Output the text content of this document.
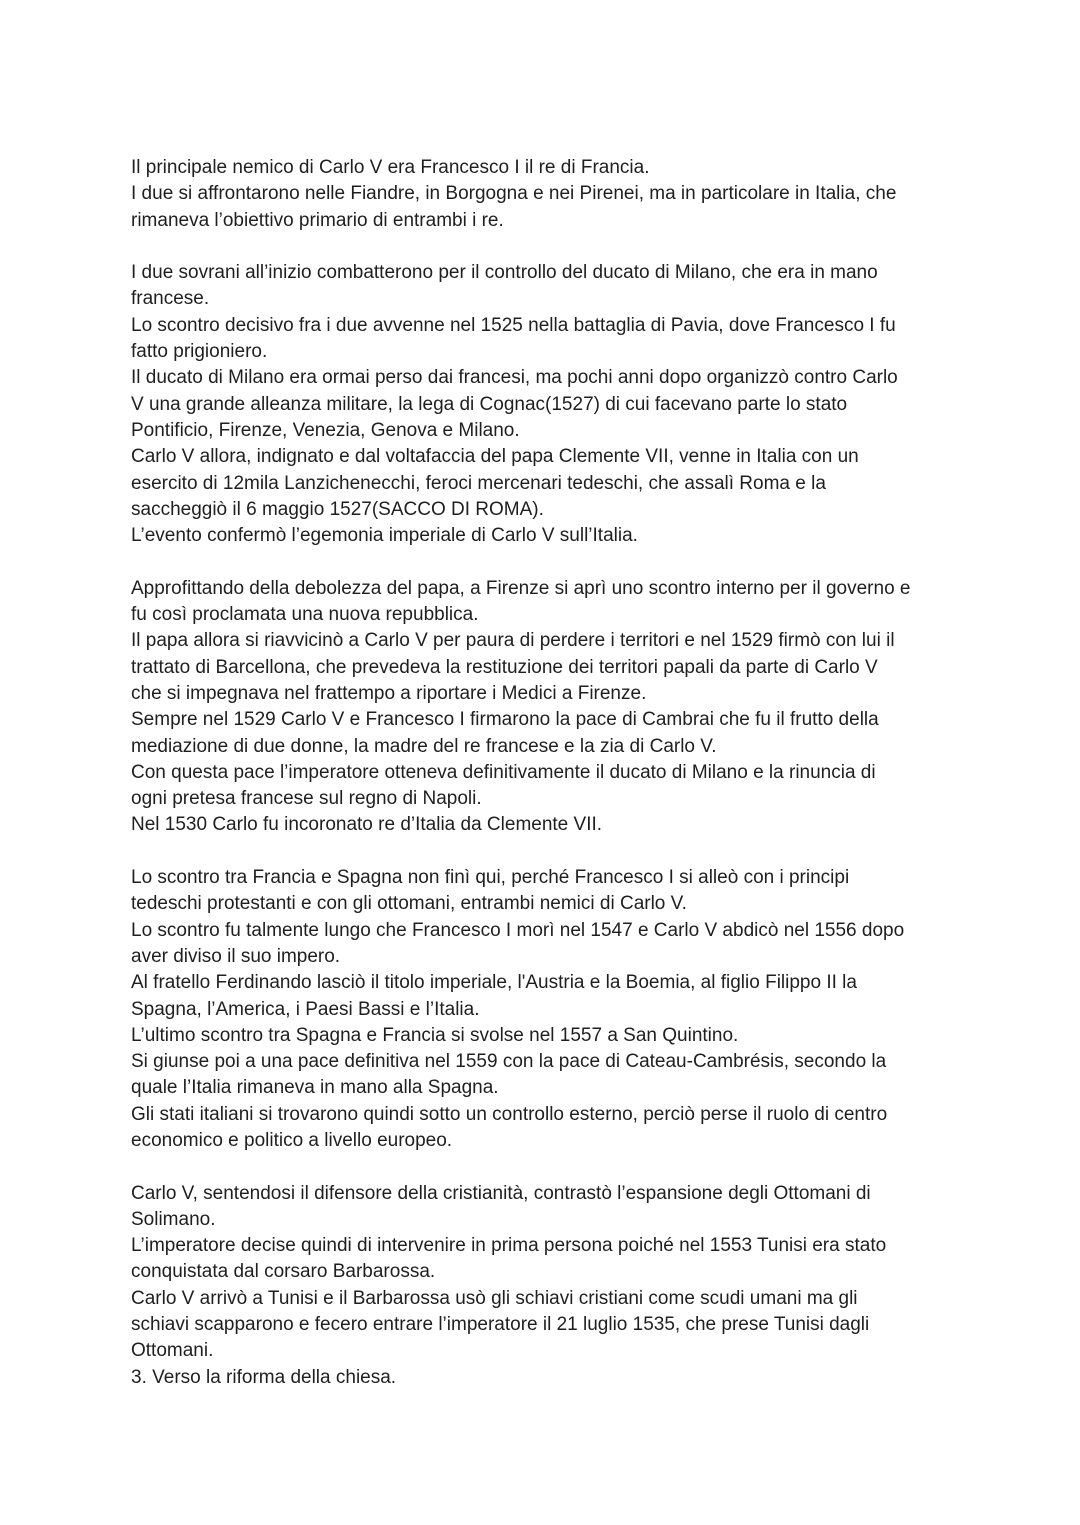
Il principale nemico di Carlo V era Francesco I il re di Francia.
I due si affrontarono nelle Fiandre, in Borgogna e nei Pirenei, ma in particolare in Italia, che
rimaneva l’obiettivo primario di entrambi i re.

I due sovrani all’inizio combatterono per il controllo del ducato di Milano, che era in mano
francese.
Lo scontro decisivo fra i due avvenne nel 1525 nella battaglia di Pavia, dove Francesco I fu
fatto prigioniero.
Il ducato di Milano era ormai perso dai francesi, ma pochi anni dopo organizzò contro Carlo
V una grande alleanza militare, la lega di Cognac(1527) di cui facevano parte lo stato
Pontificio, Firenze, Venezia, Genova e Milano.
Carlo V allora, indignato e dal voltafaccia del papa Clemente VII, venne in Italia con un
esercito di 12mila Lanzichenecchi, feroci mercenari tedeschi, che assalì Roma e la
saccheggiò il 6 maggio 1527(SACCO DI ROMA).
L’evento confermò l’egemonia imperiale di Carlo V sull’Italia.

Approfittando della debolezza del papa, a Firenze si aprì uno scontro interno per il governo e
fu così proclamata una nuova repubblica.
Il papa allora si riavvicinò a Carlo V per paura di perdere i territori e nel 1529 firmò con lui il
trattato di Barcellona, che prevedeva la restituzione dei territori papali da parte di Carlo V
che si impegnava nel frattempo a riportare i Medici a Firenze.
Sempre nel 1529 Carlo V e Francesco I firmarono la pace di Cambrai che fu il frutto della
mediazione di due donne, la madre del re francese e la zia di Carlo V.
Con questa pace l’imperatore otteneva definitivamente il ducato di Milano e la rinuncia di
ogni pretesa francese sul regno di Napoli.
Nel 1530 Carlo fu incoronato re d’Italia da Clemente VII.

Lo scontro tra Francia e Spagna non finì qui, perché Francesco I si alleò con i principi
tedeschi protestanti e con gli ottomani, entrambi nemici di Carlo V.
Lo scontro fu talmente lungo che Francesco I morì nel 1547 e Carlo V abdicò nel 1556 dopo
aver diviso il suo impero.
Al fratello Ferdinando lasciò il titolo imperiale, l'Austria e la Boemia, al figlio Filippo II la
Spagna, l’America, i Paesi Bassi e l’Italia.
L’ultimo scontro tra Spagna e Francia si svolse nel 1557 a San Quintino.
Si giunse poi a una pace definitiva nel 1559 con la pace di Cateau-Cambrésis, secondo la
quale l’Italia rimaneva in mano alla Spagna.
Gli stati italiani si trovarono quindi sotto un controllo esterno, perciò perse il ruolo di centro
economico e politico a livello europeo.

Carlo V, sentendosi il difensore della cristianità, contrastò l’espansione degli Ottomani di
Solimano.
L’imperatore decise quindi di intervenire in prima persona poiché nel 1553 Tunisi era stato
conquistata dal corsaro Barbarossa.
Carlo V arrivò a Tunisi e il Barbarossa usò gli schiavi cristiani come scudi umani ma gli
schiavi scapparono e fecero entrare l’imperatore il 21 luglio 1535, che prese Tunisi dagli
Ottomani.
3. Verso la riforma della chiesa.
